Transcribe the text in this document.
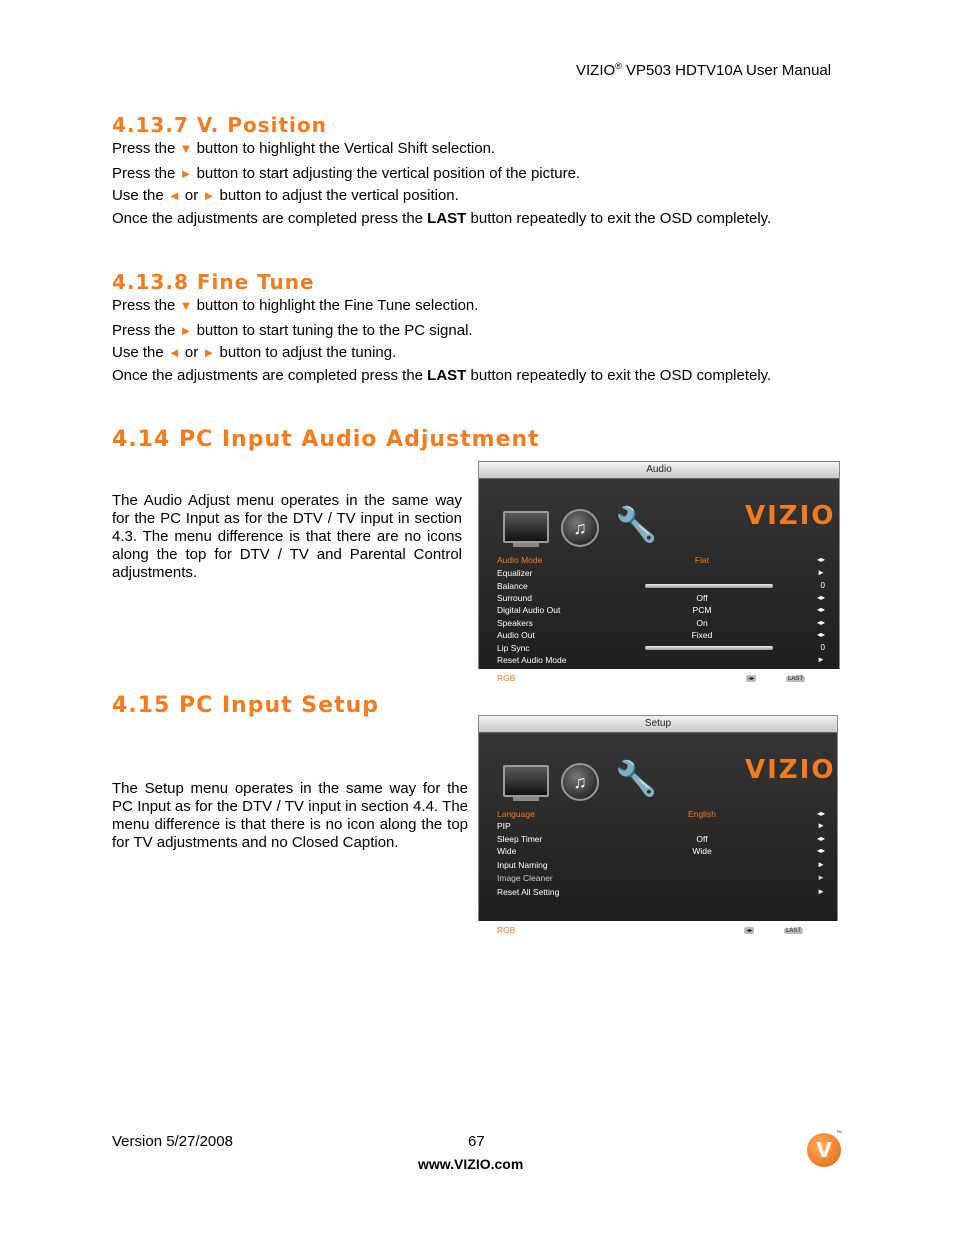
VIZIO® VP503 HDTV10A User Manual
4.13.7 V. Position
Press the ▼ button to highlight the Vertical Shift selection.
Press the ► button to start adjusting the vertical position of the picture.
Use the ◄ or ► button to adjust the vertical position.
Once the adjustments are completed press the LAST button repeatedly to exit the OSD completely.
4.13.8 Fine Tune
Press the ▼ button to highlight the Fine Tune selection.
Press the ► button to start tuning the to the PC signal.
Use the ◄ or ► button to adjust the tuning.
Once the adjustments are completed press the LAST button repeatedly to exit the OSD completely.
4.14 PC Input Audio Adjustment
The Audio Adjust menu operates in the same way for the PC Input as for the DTV / TV input in section 4.3. The menu difference is that there are no icons along the top for DTV / TV and Parental Control adjustments.
Audio
♫ 🔧	VIZIO
Audio Mode	Flat	◂▸
Equalizer	►
Balance	0
Surround	Off	◂▸
Digital Audio Out	PCM	◂▸
Speakers	On	◂▸
Audio Out	Fixed	◂▸
Lip Sync	0
Reset Audio Mode	►
RGB	◂▸ Select LAST Back
4.15 PC Input Setup
The Setup menu operates in the same way for the PC Input as for the DTV / TV input in section 4.4. The menu difference is that there is no icon along the top for TV adjustments and no Closed Caption.
Setup
♫ 🔧	VIZIO
Language	English	◂▸
PIP	►
Sleep Timer	Off	◂▸
Wide	Wide	◂▸
Input Naming	►
Image Cleaner	►
Reset All Setting	►
RGB	◂▸ Select LAST Back
Version 5/27/2008	67
www.VIZIO.com
V
TM
